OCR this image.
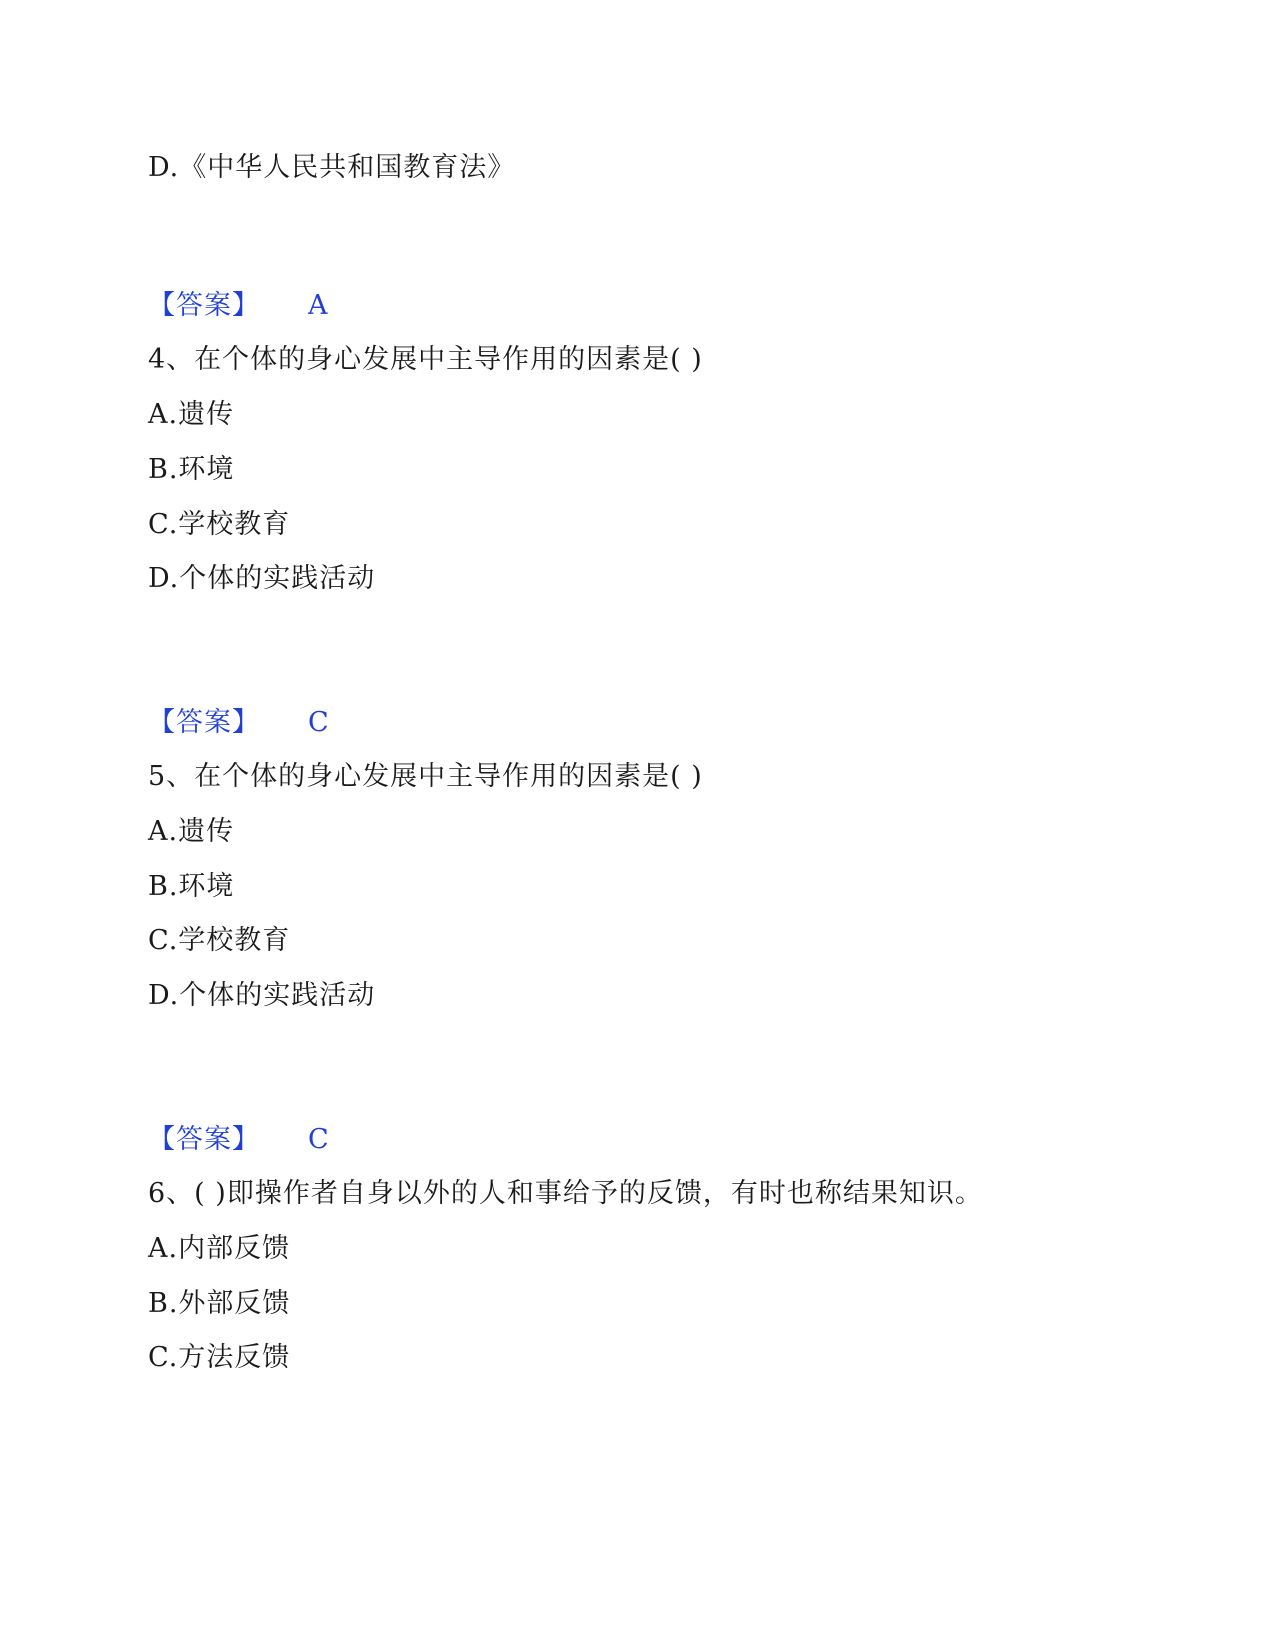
D.《中华人民共和国教育法》
【答案】 A
4、在个体的身心发展中主导作用的因素是( )
A.遗传
B.环境
C.学校教育
D.个体的实践活动
【答案】 C
5、在个体的身心发展中主导作用的因素是( )
A.遗传
B.环境
C.学校教育
D.个体的实践活动
【答案】 C
6、( )即操作者自身以外的人和事给予的反馈，有时也称结果知识。
A.内部反馈
B.外部反馈
C.方法反馈
